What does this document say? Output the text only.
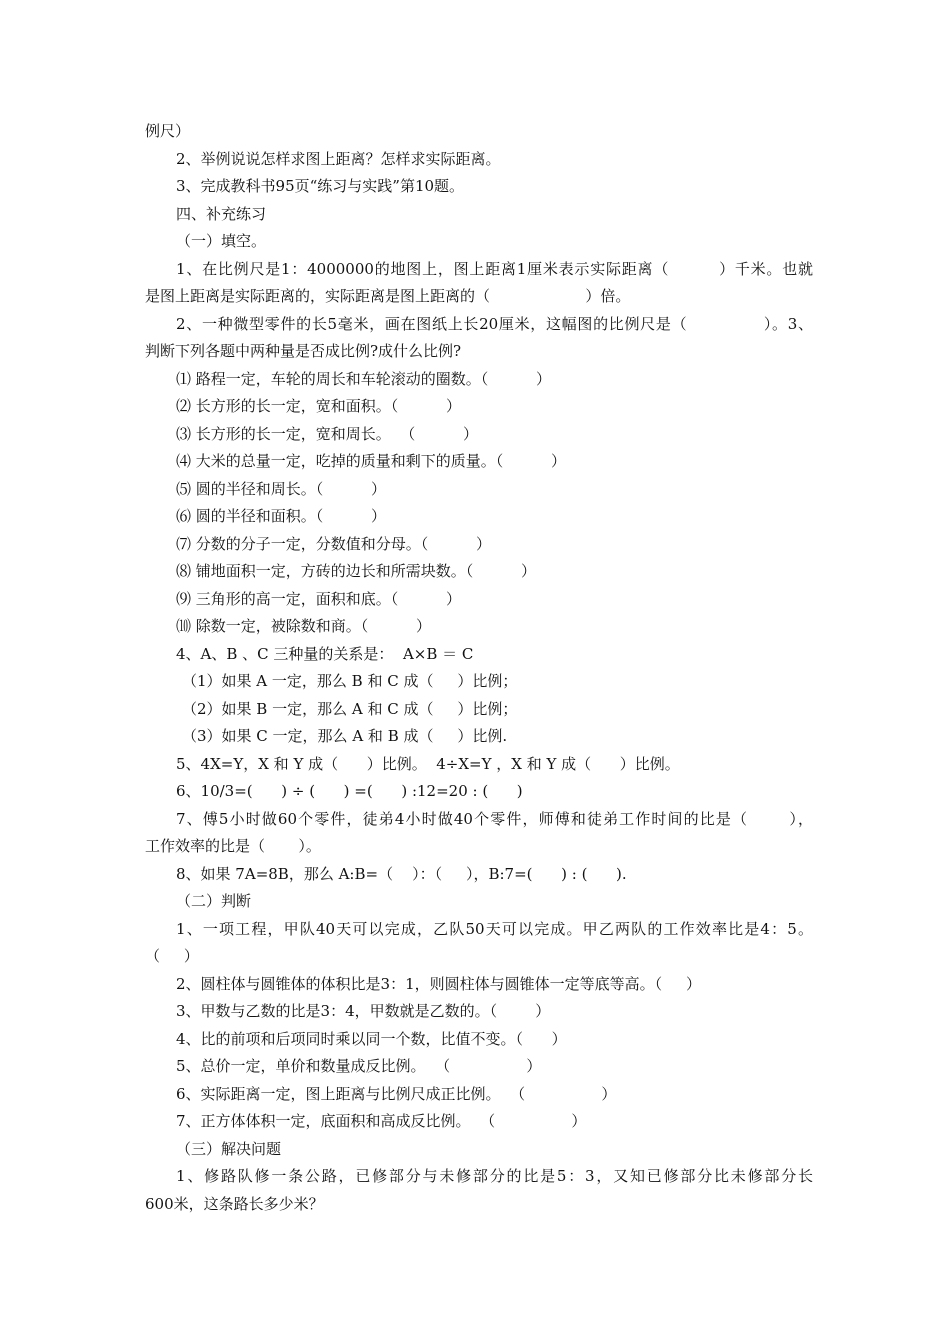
例尺）
2、举例说说怎样求图上距离？怎样求实际距离。
3、完成教科书95页“练习与实践”第10题。
四、补充练习
（一）填空。
1、在比例尺是1：4000000的地图上，图上距离1厘米表示实际距离（         ）千米。也就
是图上距离是实际距离的，实际距离是图上距离的（                    ）倍。
2、一种微型零件的长5毫米，画在图纸上长20厘米，这幅图的比例尺是（              ）。3、
判断下列各题中两种量是否成比例?成什么比例?
⑴ 路程一定，车轮的周长和车轮滚动的圈数。（          ）
⑵ 长方形的长一定，宽和面积。（          ）
⑶ 长方形的长一定，宽和周长。  （          ）
⑷ 大米的总量一定，吃掉的质量和剩下的质量。（          ）
⑸ 圆的半径和周长。（          ）
⑹ 圆的半径和面积。（          ）
⑺ 分数的分子一定，分数值和分母。（          ）
⑻ 铺地面积一定，方砖的边长和所需块数。（          ）
⑼ 三角形的高一定，面积和底。（          ）
⑽ 除数一定，被除数和商。（          ）
4、A、B 、C 三种量的关系是：  A×B ＝ C
（1）如果 A 一定，那么 B 和 C 成（     ）比例；
（2）如果 B 一定，那么 A 和 C 成（     ）比例；
（3）如果 C 一定，那么 A 和 B 成（     ）比例.
5、4X=Y，X 和 Y 成（      ）比例。  4÷X=Y ，X 和 Y 成（      ）比例。
6、10/3=(      ) ÷ (      ) =(      ) :12=20 : (      )
7、傅5小时做60个零件，徒弟4小时做40个零件，师傅和徒弟工作时间的比是（       ），
工作效率的比是（       ）。
8、如果 7A=8B，那么 A:B=（    ）：（     ），B:7=(      ) : (      ).
（二）判断
1、一项工程，甲队40天可以完成，乙队50天可以完成。甲乙两队的工作效率比是4：5。
（     ）
2、圆柱体与圆锥体的体积比是3：1，则圆柱体与圆锥体一定等底等高。（     ）
3、甲数与乙数的比是3：4，甲数就是乙数的。（        ）
4、比的前项和后项同时乘以同一个数，比值不变。（      ）
5、总价一定，单价和数量成反比例。  （                ）
6、实际距离一定，图上距离与比例尺成正比例。  （                ）
7、正方体体积一定，底面积和高成反比例。  （                ）
（三）解决问题
1、修路队修一条公路，已修部分与未修部分的比是5：3，又知已修部分比未修部分长
600米，这条路长多少米？
